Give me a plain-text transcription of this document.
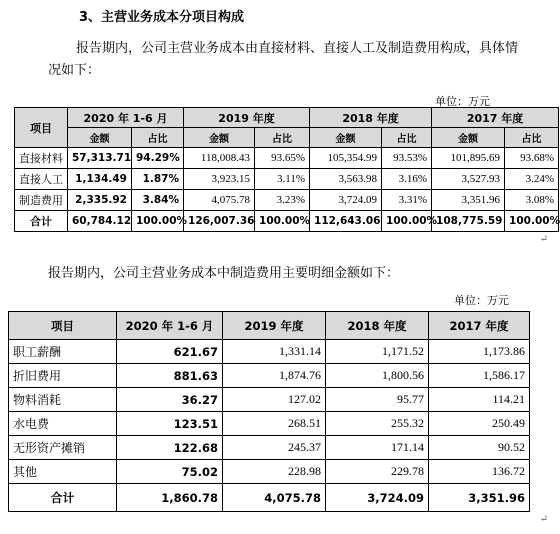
3、主营业务成本分项目构成
报告期内，公司主营业务成本由直接材料、直接人工及制造费用构成，具体情况如下：
单位：万元
项目	2020 年 1-6 月		2019 年度		2018 年度		2017 年度	
	金额	占比	金额	占比	金额	占比	金额	占比
直接材料	57,313.71	94.29%	118,008.43	93.65%	105,354.99	93.53%	101,895.69	93.68%
直接人工	1,134.49	1.87%	3,923.15	3.11%	3,563.98	3.16%	3,527.93	3.24%
制造费用	2,335.92	3.84%	4,075.78	3.23%	3,724.09	3.31%	3,351.96	3.08%
合计	60,784.12	100.00%	126,007.36	100.00%	112,643.06	100.00%	108,775.59	100.00%
报告期内，公司主营业务成本中制造费用主要明细金额如下：
单位：万元
项目	2020 年 1-6 月	2019 年度	2018 年度	2017 年度
职工薪酬	621.67	1,331.14	1,171.52	1,173.86
折旧费用	881.63	1,874.76	1,800.56	1,586.17
物料消耗	36.27	127.02	95.77	114.21
水电费	123.51	268.51	255.32	250.49
无形资产摊销	122.68	245.37	171.14	90.52
其他	75.02	228.98	229.78	136.72
合计	1,860.78	4,075.78	3,724.09	3,351.96
↵
↵
